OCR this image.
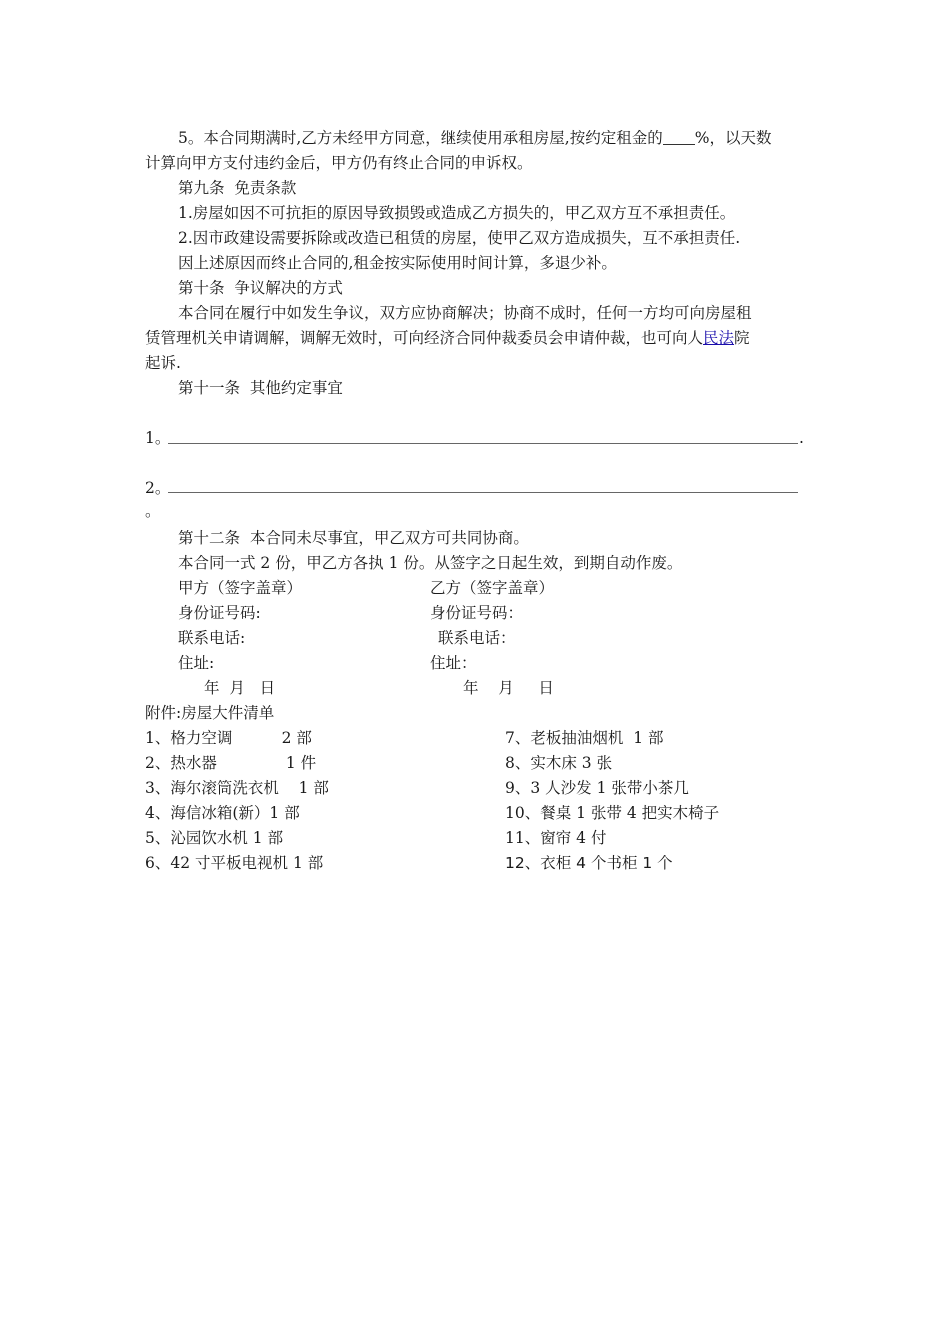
5。本合同期满时,乙方未经甲方同意，继续使用承租房屋,按约定租金的 %，以天数
计算向甲方支付违约金后，甲方仍有终止合同的申诉权。
第九条  免责条款
1.房屋如因不可抗拒的原因导致损毁或造成乙方损失的，甲乙双方互不承担责任。
2.因市政建设需要拆除或改造已租赁的房屋，使甲乙双方造成损失，互不承担责任.
因上述原因而终止合同的,租金按实际使用时间计算，多退少补。
第十条  争议解决的方式
本合同在履行中如发生争议，双方应协商解决；协商不成时，任何一方均可向房屋租
赁管理机关申请调解，调解无效时，可向经济合同仲裁委员会申请仲裁，也可向人民法院
起诉.
第十一条  其他约定事宜
1。	.
2。
。
第十二条  本合同未尽事宜，甲乙双方可共同协商。
本合同一式 2 份，甲乙方各执 1 份。从签字之日起生效，到期自动作废。
甲方（签字盖章）	乙方（签字盖章）
身份证号码:	身份证号码：
联系电话:	联系电话：
住址:	住址：
年  月   日	年    月     日
附件:房屋大件清单
1、格力空调          2 部
2、热水器              1 件
3、海尔滚筒洗衣机    1 部
4、海信冰箱(新）1 部
5、沁园饮水机 1 部
6、42 寸平板电视机 1 部
7、老板抽油烟机  1 部
8、实木床 3 张
9、3 人沙发 1 张带小茶几
10、餐桌 1 张带 4 把实木椅子
11、窗帘 4 付
12、衣柜 4 个书柜 1 个
